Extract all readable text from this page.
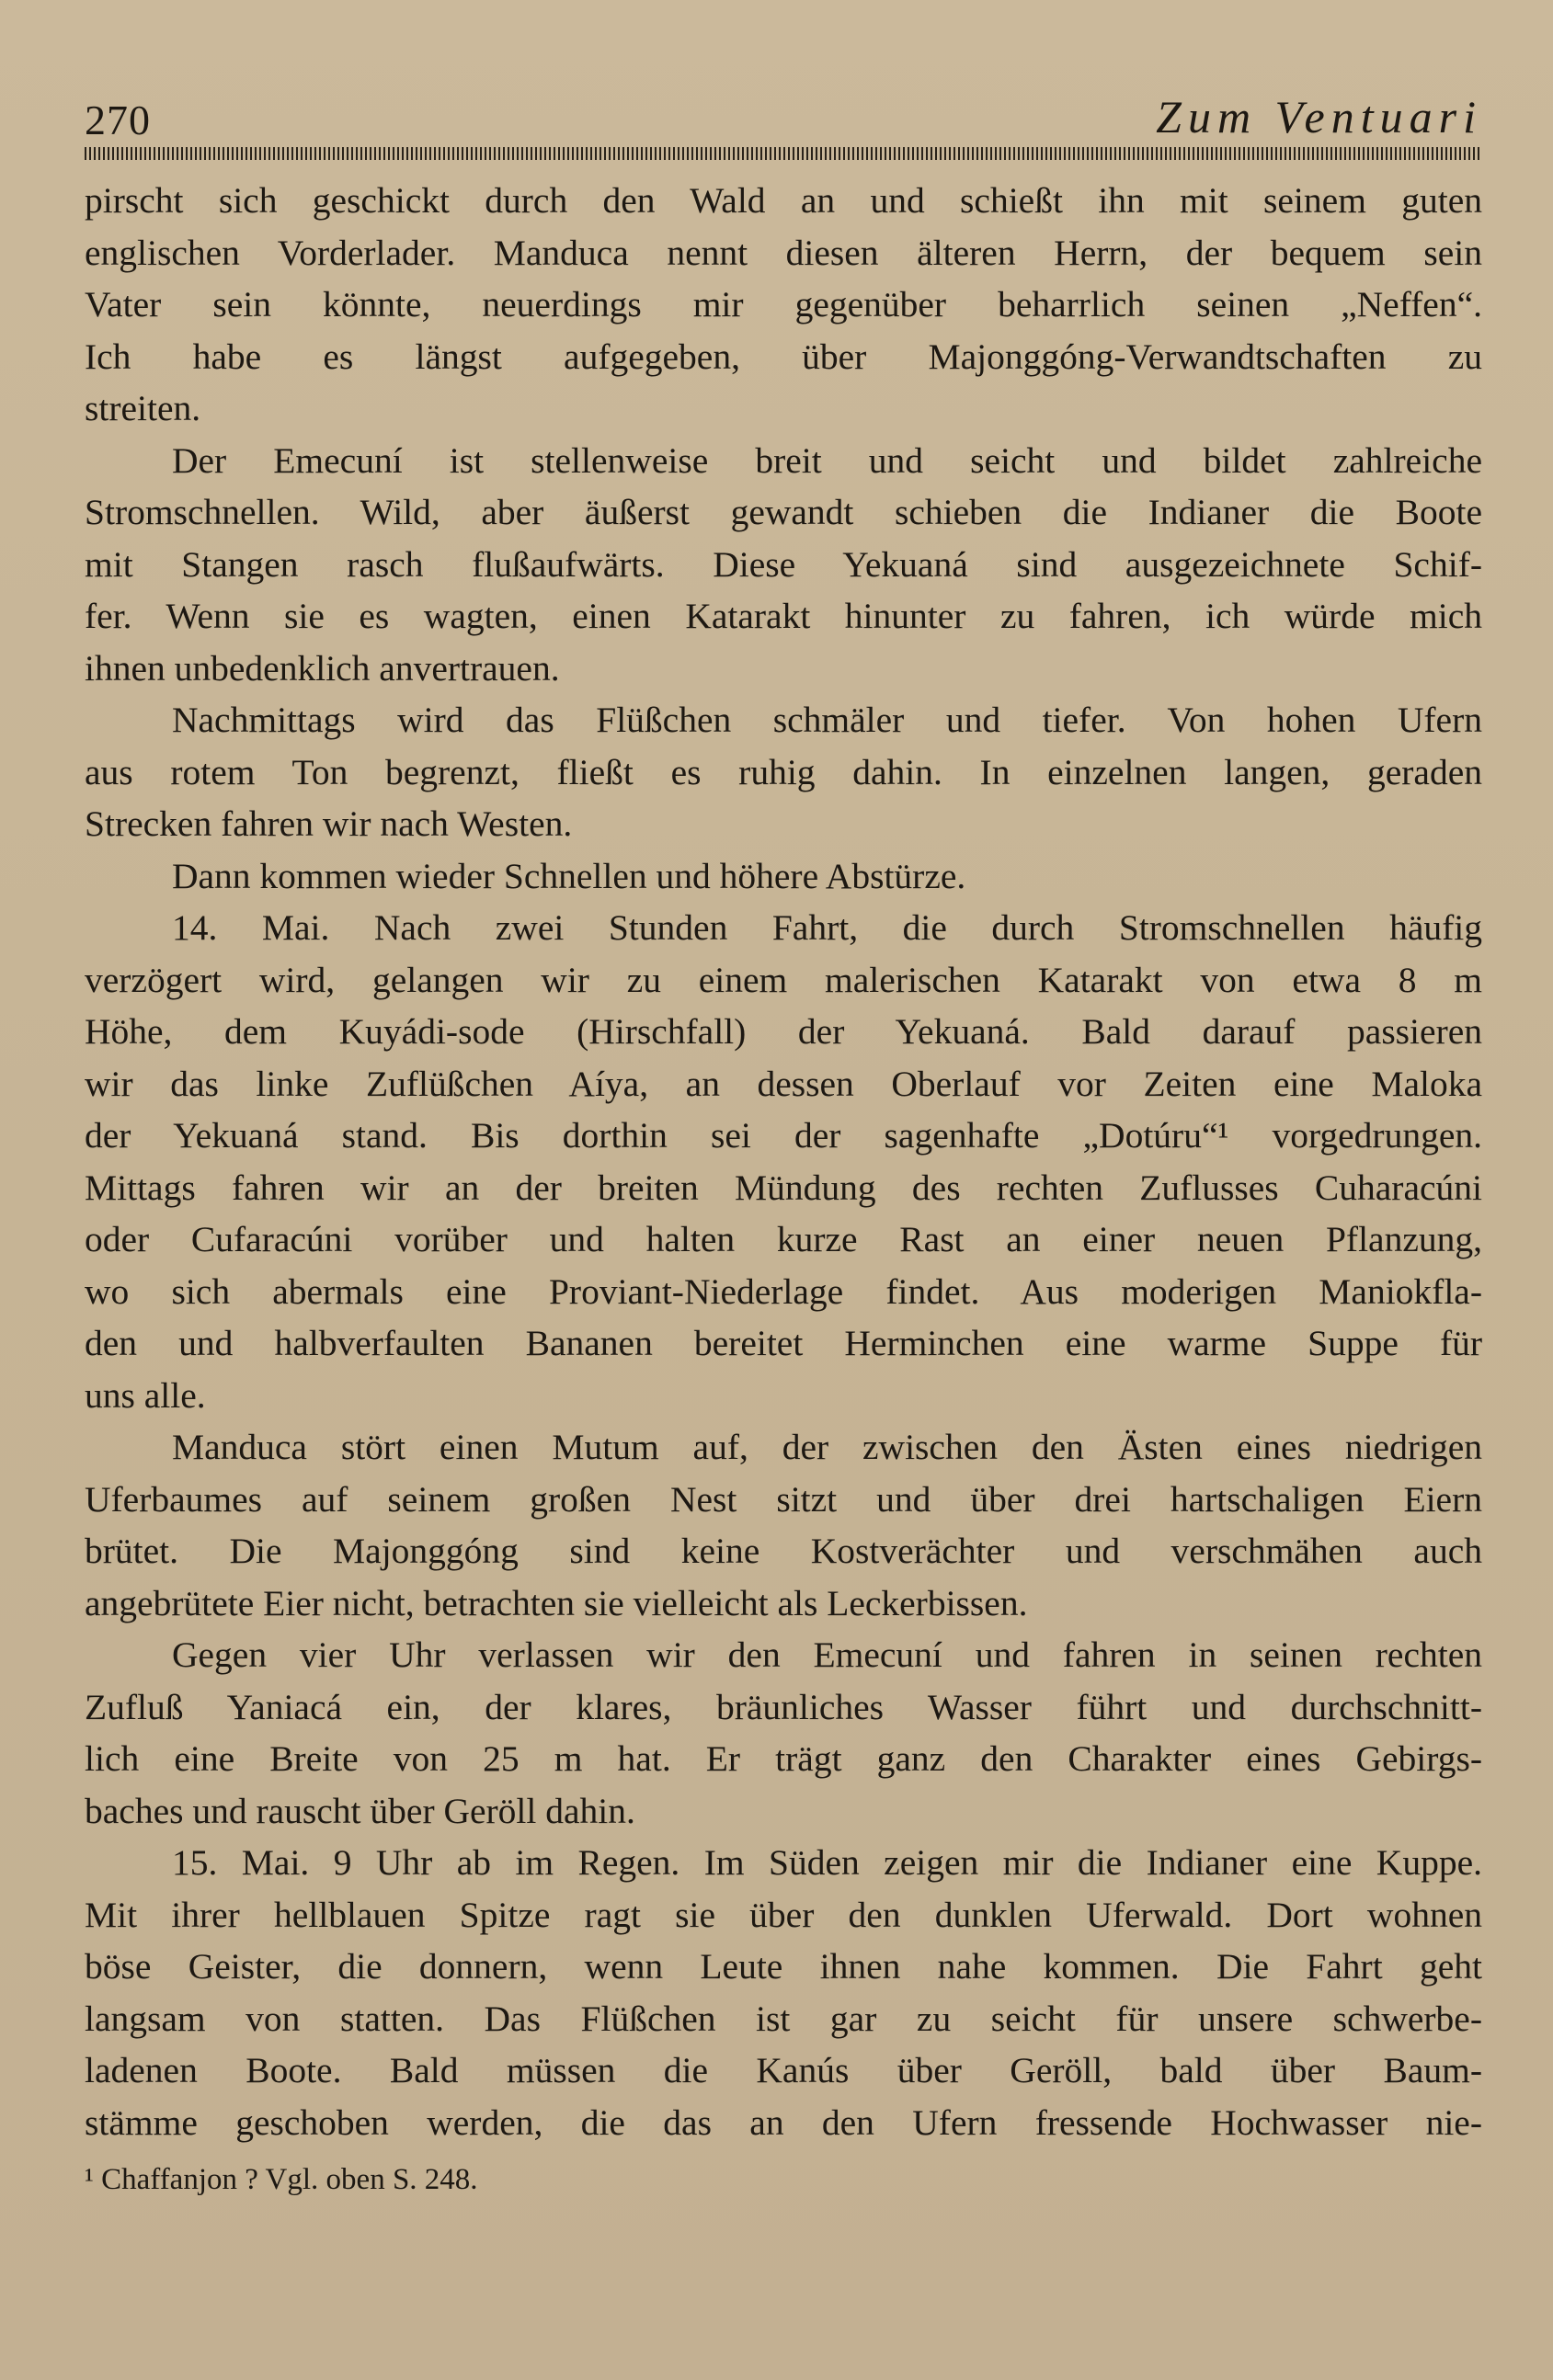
270	Zum Ventuari
pirscht sich geschickt durch den Wald an und schießt ihn mit seinem guten
englischen Vorderlader. Manduca nennt diesen älteren Herrn, der bequem sein
Vater sein könnte, neuerdings mir gegenüber beharrlich seinen „Neffen“.
Ich habe es längst aufgegeben, über Majonggóng-Verwandtschaften zu
streiten.
Der Emecuní ist stellenweise breit und seicht und bildet zahlreiche
Stromschnellen. Wild, aber äußerst gewandt schieben die Indianer die Boote
mit Stangen rasch flußaufwärts. Diese Yekuaná sind ausgezeichnete Schif-
fer. Wenn sie es wagten, einen Katarakt hinunter zu fahren, ich würde mich
ihnen unbedenklich anvertrauen.
Nachmittags wird das Flüßchen schmäler und tiefer. Von hohen Ufern
aus rotem Ton begrenzt, fließt es ruhig dahin. In einzelnen langen, geraden
Strecken fahren wir nach Westen.
Dann kommen wieder Schnellen und höhere Abstürze.
14. Mai. Nach zwei Stunden Fahrt, die durch Stromschnellen häufig
verzögert wird, gelangen wir zu einem malerischen Katarakt von etwa 8 m
Höhe, dem Kuyádi-sode (Hirschfall) der Yekuaná. Bald darauf passieren
wir das linke Zuflüßchen Aíya, an dessen Oberlauf vor Zeiten eine Maloka
der Yekuaná stand. Bis dorthin sei der sagenhafte „Dotúru“¹ vorgedrungen.
Mittags fahren wir an der breiten Mündung des rechten Zuflusses Cuharacúni
oder Cufaracúni vorüber und halten kurze Rast an einer neuen Pflanzung,
wo sich abermals eine Proviant-Niederlage findet. Aus moderigen Maniokfla-
den und halbverfaulten Bananen bereitet Herminchen eine warme Suppe für
uns alle.
Manduca stört einen Mutum auf, der zwischen den Ästen eines niedrigen
Uferbaumes auf seinem großen Nest sitzt und über drei hartschaligen Eiern
brütet. Die Majonggóng sind keine Kostverächter und verschmähen auch
angebrütete Eier nicht, betrachten sie vielleicht als Leckerbissen.
Gegen vier Uhr verlassen wir den Emecuní und fahren in seinen rechten
Zufluß Yaniacá ein, der klares, bräunliches Wasser führt und durchschnitt-
lich eine Breite von 25 m hat. Er trägt ganz den Charakter eines Gebirgs-
baches und rauscht über Geröll dahin.
15. Mai. 9 Uhr ab im Regen. Im Süden zeigen mir die Indianer eine Kuppe.
Mit ihrer hellblauen Spitze ragt sie über den dunklen Uferwald. Dort wohnen
böse Geister, die donnern, wenn Leute ihnen nahe kommen. Die Fahrt geht
langsam von statten. Das Flüßchen ist gar zu seicht für unsere schwerbe-
ladenen Boote. Bald müssen die Kanús über Geröll, bald über Baum-
stämme geschoben werden, die das an den Ufern fressende Hochwasser nie-
¹ Chaffanjon ? Vgl. oben S. 248.
